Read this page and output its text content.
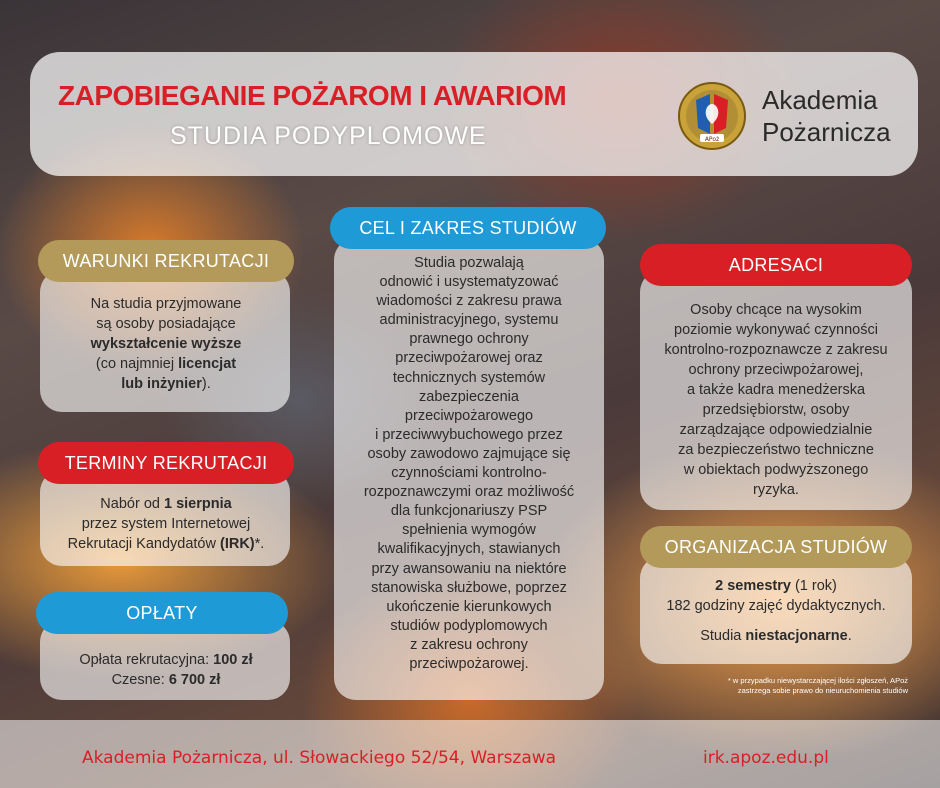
ZAPOBIEGANIE POŻAROM I AWARIOM
STUDIA PODYPLOMOWE	APoż
Akademia
Pożarnicza
WARUNKI REKRUTACJI
Na studia przyjmowane
są osoby posiadające
wykształcenie wyższe
(co najmniej licencjat
lub inżynier).
TERMINY REKRUTACJI
Nabór od 1 sierpnia
przez system Internetowej
Rekrutacji Kandydatów (IRK)*.
OPŁATY
Opłata rekrutacyjna: 100 zł
Czesne: 6 700 zł
CEL I ZAKRES STUDIÓW
Studia pozwalają
odnowić i usystematyzować
wiadomości z zakresu prawa
administracyjnego, systemu
prawnego ochrony
przeciwpożarowej oraz
technicznych systemów
zabezpieczenia
przeciwpożarowego
i przeciwwybuchowego przez
osoby zawodowo zajmujące się
czynnościami kontrolno-
rozpoznawczymi oraz możliwość
dla funkcjonariuszy PSP
spełnienia wymogów
kwalifikacyjnych, stawianych
przy awansowaniu na niektóre
stanowiska służbowe, poprzez
ukończenie kierunkowych
studiów podyplomowych
z zakresu ochrony
przeciwpożarowej.
ADRESACI
Osoby chcące na wysokim
poziomie wykonywać czynności
kontrolno-rozpoznawcze z zakresu
ochrony przeciwpożarowej,
a także kadra menedżerska
przedsiębiorstw, osoby
zarządzające odpowiedzialnie
za bezpieczeństwo techniczne
w obiektach podwyższonego
ryzyka.
ORGANIZACJA STUDIÓW
2 semestry (1 rok)
182 godziny zajęć dydaktycznych.
Studia niestacjonarne.
* w przypadku niewystarczającej ilości zgłoszeń, APoż
zastrzega sobie prawo do nieuruchomienia studiów
Akademia Pożarnicza, ul. Słowackiego 52/54, Warszawa	irk.apoz.edu.pl
